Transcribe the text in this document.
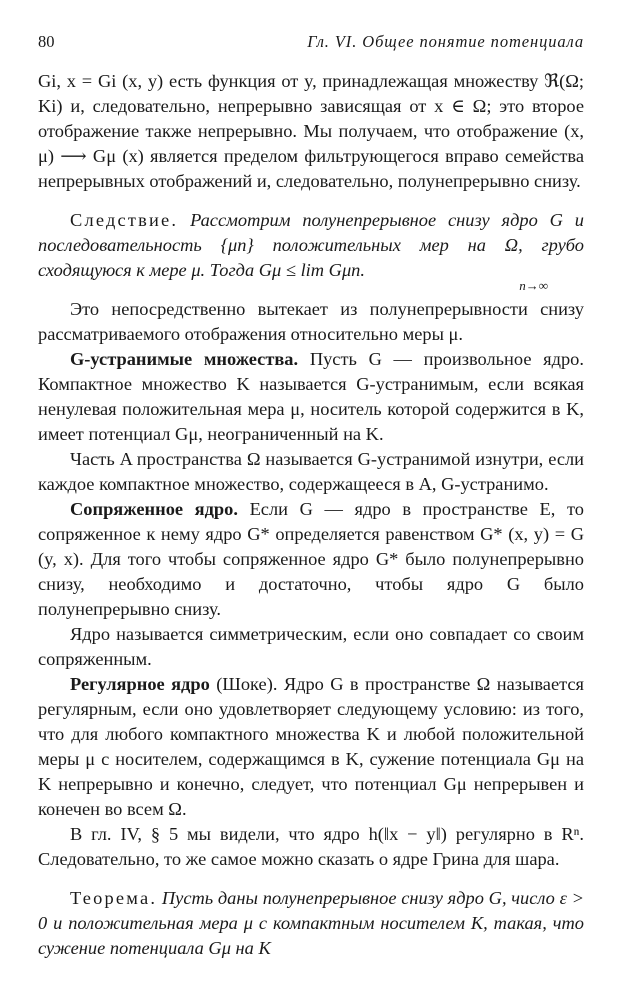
80	Гл. VI. Общее понятие потенциала

Gi, x = Gi (x, y) есть функция от y, принадлежащая множеству ℜ(Ω; Ki) и, следовательно, непрерывно зависящая от x ∈ Ω; это второе отображение также непрерывно. Мы получаем, что отображение (x, μ) ⟶ Gμ (x) является пределом фильтрующегося вправо семейства непрерывных отображений и, следовательно, полунепрерывно снизу.

Следствие. Рассмотрим полунепрерывное снизу ядро G и последовательность {μn} положительных мер на Ω, грубо сходящуюся к мере μ. Тогда Gμ ≤ lim Gμn.

n→∞

Это непосредственно вытекает из полунепрерывности снизу рассматриваемого отображения относительно меры μ.

G-устранимые множества. Пусть G — произвольное ядро. Компактное множество K называется G-устранимым, если всякая ненулевая положительная мера μ, носитель которой содержится в K, имеет потенциал Gμ, неограниченный на K.

Часть A пространства Ω называется G-устранимой изнутри, если каждое компактное множество, содержащееся в A, G-устранимо.

Сопряженное ядро. Если G — ядро в пространстве E, то сопряженное к нему ядро G* определяется равенством G* (x, y) = G (y, x). Для того чтобы сопряженное ядро G* было полунепрерывно снизу, необходимо и достаточно, чтобы ядро G было полунепрерывно снизу.

Ядро называется симметрическим, если оно совпадает со своим сопряженным.

Регулярное ядро (Шоке). Ядро G в пространстве Ω называется регулярным, если оно удовлетворяет следующему условию: из того, что для любого компактного множества K и любой положительной меры μ с носителем, содержащимся в K, сужение потенциала Gμ на K непрерывно и конечно, следует, что потенциал Gμ непрерывен и конечен во всем Ω.

В гл. IV, § 5 мы видели, что ядро h(‖x − y‖) регулярно в Rⁿ. Следовательно, то же самое можно сказать о ядре Грина для шара.

Теорема. Пусть даны полунепрерывное снизу ядро G, число ε > 0 и положительная мера μ с компактным носителем K, такая, что сужение потенциала Gμ на K
